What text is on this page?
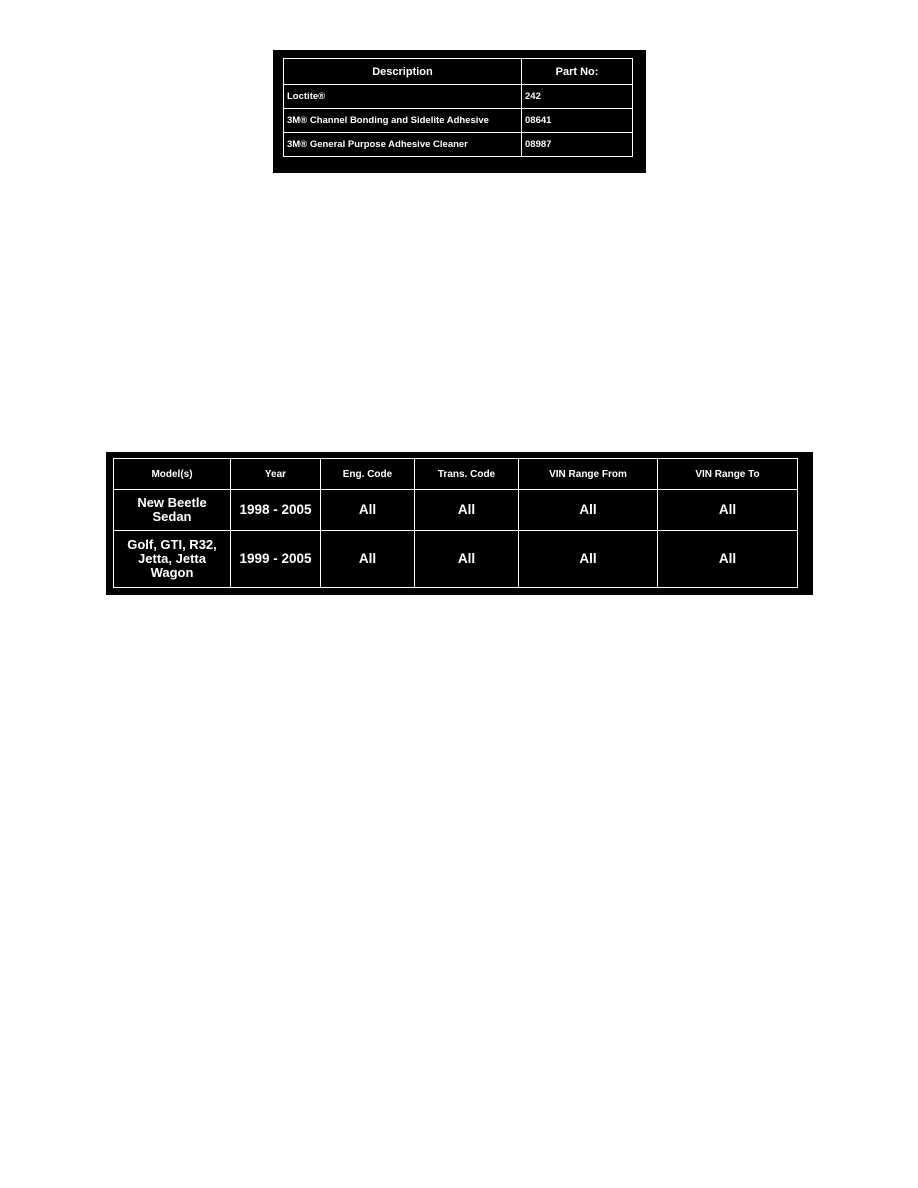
Description	Part No:
Loctite®	242
3M® Channel Bonding and Sidelite Adhesive	08641
3M® General Purpose Adhesive Cleaner	08987
Model(s)	Year	Eng. Code	Trans. Code	VIN Range From	VIN Range To

New Beetle
Sedan	1998 - 2005	All	All	All	All

Golf, GTI, R32,
Jetta, Jetta
Wagon	1999 - 2005	All	All	All	All
